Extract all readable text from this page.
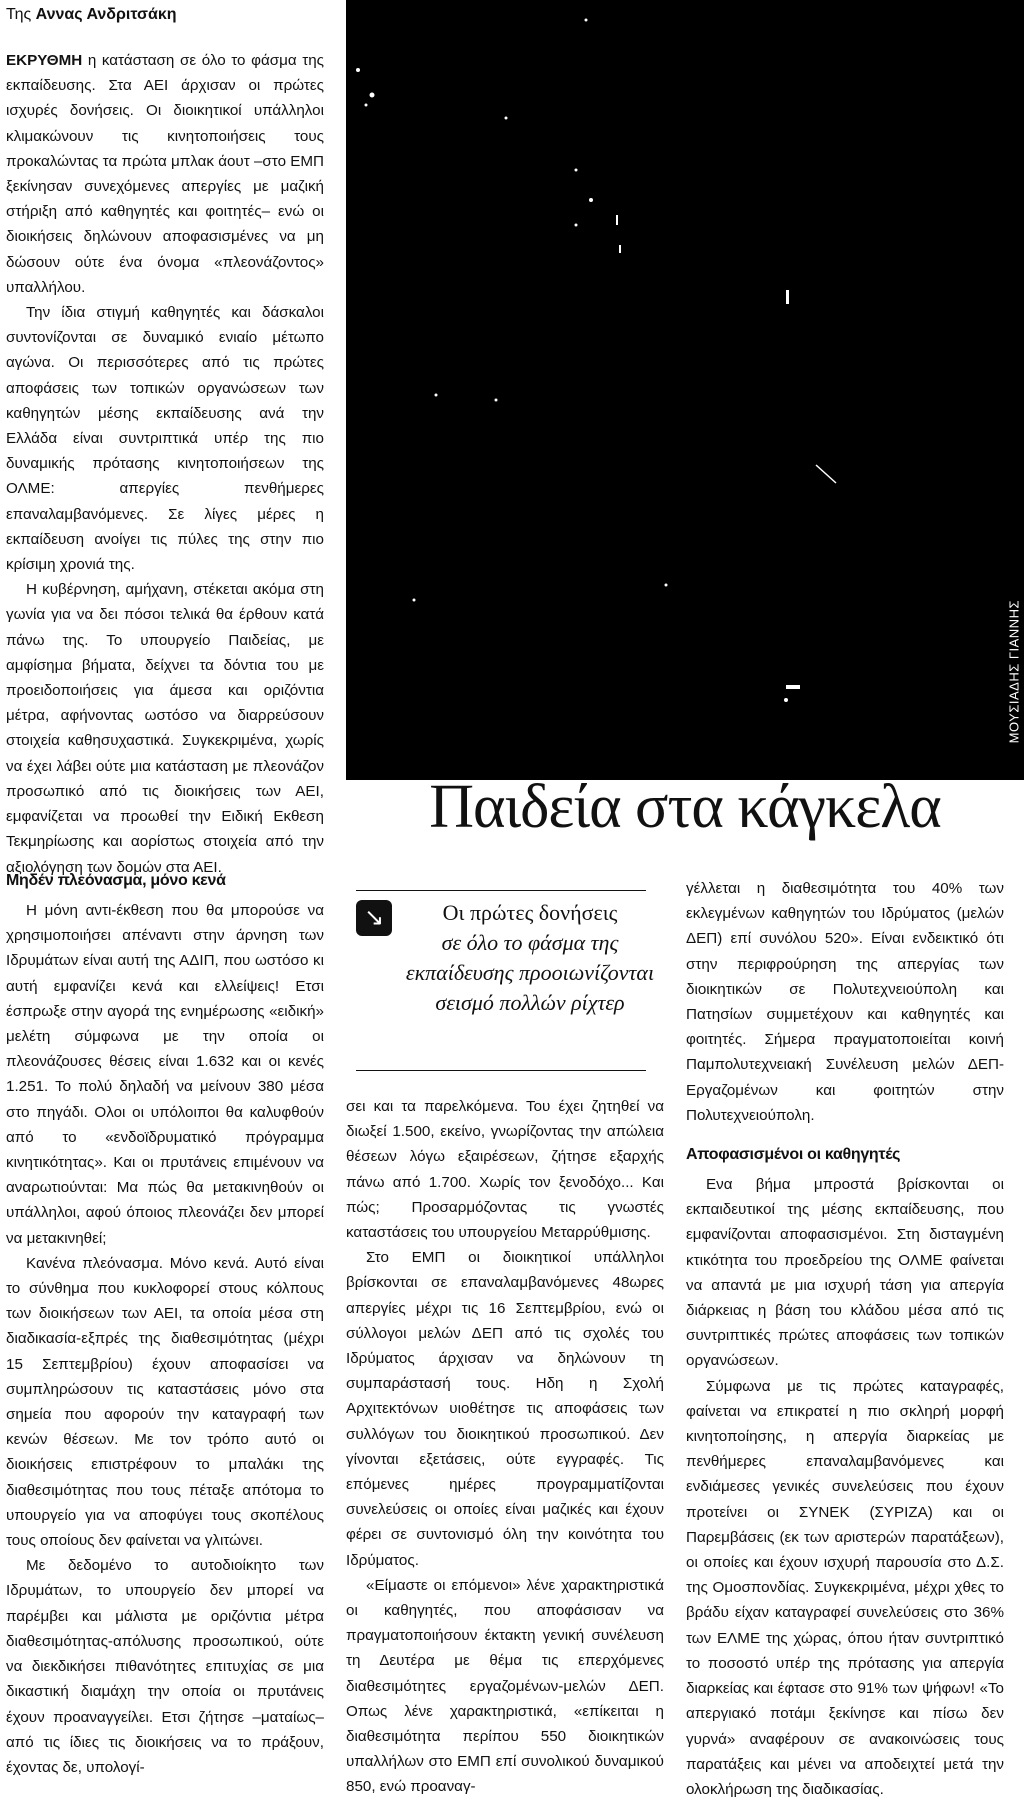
Της Αννας Ανδριτσάκη

ΕΚΡΥΘΜΗ η κατάσταση σε όλο το φάσμα της εκπαίδευσης. Στα ΑΕΙ άρχισαν οι πρώτες ισχυρές δονήσεις. Οι διοικητικοί υπάλληλοι κλιμακώνουν τις κινητοποιήσεις τους προκαλώντας τα πρώτα μπλακ άουτ –στο ΕΜΠ ξεκίνησαν συνεχόμενες απεργίες με μαζική στήριξη από καθηγητές και φοιτητές– ενώ οι διοικήσεις δηλώνουν αποφασισμένες να μη δώσουν ούτε ένα όνομα «πλεονάζοντος» υπαλλήλου.

Την ίδια στιγμή καθηγητές και δάσκαλοι συντονίζονται σε δυναμικό ενιαίο μέτωπο αγώνα. Οι περισσότερες από τις πρώτες αποφάσεις των τοπικών οργανώσεων των καθηγητών μέσης εκπαίδευσης ανά την Ελλάδα είναι συντριπτικά υπέρ της πιο δυναμικής πρότασης κινητοποιήσεων της ΟΛΜΕ: απεργίες πενθήμερες επαναλαμβανόμενες. Σε λίγες μέρες η εκπαίδευση ανοίγει τις πύλες της στην πιο κρίσιμη χρονιά της.

Η κυβέρνηση, αμήχανη, στέκεται ακόμα στη γωνία για να δει πόσοι τελικά θα έρθουν κατά πάνω της. Το υπουργείο Παιδείας, με αμφίσημα βήματα, δείχνει τα δόντια του με προειδοποιήσεις για άμεσα και οριζόντια μέτρα, αφήνοντας ωστόσο να διαρρεύσουν στοιχεία καθησυχαστικά. Συγκεκριμένα, χωρίς να έχει λάβει ούτε μια κατάσταση με πλεονάζον προσωπικό από τις διοικήσεις των ΑΕΙ, εμφανίζεται να προωθεί την Ειδική Εκθεση Τεκμηρίωσης και αορίστως στοιχεία από την αξιολόγηση των δομών στα ΑΕΙ.

Μηδέν πλεόνασμα, μόνο κενά

Η μόνη αντι-έκθεση που θα μπορούσε να χρησιμοποιήσει απέναντι στην άρνηση των Ιδρυμάτων είναι αυτή της ΑΔΙΠ, που ωστόσο κι αυτή εμφανίζει κενά και ελλείψεις! Ετσι έσπρωξε στην αγορά της ενημέρωσης «ειδική» μελέτη σύμφωνα με την οποία οι πλεονάζουσες θέσεις είναι 1.632 και οι κενές 1.251. Το πολύ δηλαδή να μείνουν 380 μέσα στο πηγάδι. Ολοι οι υπόλοιποι θα καλυφθούν από το «ενδοϊδρυματικό πρόγραμμα κινητικότητας». Και οι πρυτάνεις επιμένουν να αναρωτιούνται: Μα πώς θα μετακινηθούν οι υπάλληλοι, αφού όποιος πλεονάζει δεν μπορεί να μετακινηθεί;

Κανένα πλεόνασμα. Μόνο κενά. Αυτό είναι το σύνθημα που κυκλοφορεί στους κόλπους των διοικήσεων των ΑΕΙ, τα οποία μέσα στη διαδικασία-εξπρές της διαθεσιμότητας (μέχρι 15 Σεπτεμβρίου) έχουν αποφασίσει να συμπληρώσουν τις καταστάσεις μόνο στα σημεία που αφορούν την καταγραφή των κενών θέσεων. Με τον τρόπο αυτό οι διοικήσεις επιστρέφουν το μπαλάκι της διαθεσιμότητας που τους πέταξε απότομα το υπουργείο για να αποφύγει τους σκοπέλους τους οποίους δεν φαίνεται να γλιτώνει.

Με δεδομένο το αυτοδιοίκητο των Ιδρυμάτων, το υπουργείο δεν μπορεί να παρέμβει και μάλιστα με οριζόντια μέτρα διαθεσιμότητας-απόλυσης προσωπικού, ούτε να διεκδικήσει πιθανότητες επιτυχίας σε μια δικαστική διαμάχη την οποία οι πρυτάνεις έχουν προαναγγείλει. Ετσι ζήτησε –ματαίως– από τις ίδιες τις διοικήσεις να το πράξουν, έχοντας δε, υπολογί-

ΜΟΥΣΙΑΔΗΣ ΓΙΑΝΝΗΣ
Παιδεία στα κάγκελα
↘	Οι πρώτες δονήσεις
σε όλο το φάσμα της εκπαίδευσης προοιωνίζονται σεισμό πολλών ρίχτερ

σει και τα παρελκόμενα. Του έχει ζητηθεί να διωξεί 1.500, εκείνο, γνωρίζοντας την απώλεια θέσεων λόγω εξαιρέσεων, ζήτησε εξαρχής πάνω από 1.700. Χωρίς τον ξενοδόχο... Και πώς; Προσαρμόζοντας τις γνωστές καταστάσεις του υπουργείου Μεταρρύθμισης.

Στο ΕΜΠ οι διοικητικοί υπάλληλοι βρίσκονται σε επαναλαμβανόμενες 48ωρες απεργίες μέχρι τις 16 Σεπτεμβρίου, ενώ οι σύλλογοι μελών ΔΕΠ από τις σχολές του Ιδρύματος άρχισαν να δηλώνουν τη συμπαράστασή τους. Ηδη η Σχολή Αρχιτεκτόνων υιοθέτησε τις αποφάσεις των συλλόγων του διοικητικού προσωπικού. Δεν γίνονται εξετάσεις, ούτε εγγραφές. Τις επόμενες ημέρες προγραμματίζονται συνελεύσεις οι οποίες είναι μαζικές και έχουν φέρει σε συντονισμό όλη την κοινότητα του Ιδρύματος.

«Είμαστε οι επόμενοι» λένε χαρακτηριστικά οι καθηγητές, που αποφάσισαν να πραγματοποιήσουν έκτακτη γενική συνέλευση τη Δευτέρα με θέμα τις επερχόμενες διαθεσιμότητες εργαζομένων-μελών ΔΕΠ. Οπως λένε χαρακτηριστικά, «επίκειται η διαθεσιμότητα περίπου 550 διοικητικών υπαλλήλων στο ΕΜΠ επί συνολικού δυναμικού 850, ενώ προαναγ-

γέλλεται η διαθεσιμότητα του 40% των εκλεγμένων καθηγητών του Ιδρύματος (μελών ΔΕΠ) επί συνόλου 520». Είναι ενδεικτικό ότι στην περιφρούρηση της απεργίας των διοικητικών σε Πολυτεχνειούπολη και Πατησίων συμμετέχουν και καθηγητές και φοιτητές. Σήμερα πραγματοποιείται κοινή Παμπολυτεχνειακή Συνέλευση μελών ΔΕΠ-Εργαζομένων και φοιτητών στην Πολυτεχνειούπολη.

Αποφασισμένοι οι καθηγητές

Ενα βήμα μπροστά βρίσκονται οι εκπαιδευτικοί της μέσης εκπαίδευσης, που εμφανίζονται αποφασισμένοι. Στη δισταγμένη κτικότητα του προεδρείου της ΟΛΜΕ φαίνεται να απαντά με μια ισχυρή τάση για απεργία διάρκειας η βάση του κλάδου μέσα από τις συντριπτικές πρώτες αποφάσεις των τοπικών οργανώσεων.

Σύμφωνα με τις πρώτες καταγραφές, φαίνεται να επικρατεί η πιο σκληρή μορφή κινητοποίησης, η απεργία διαρκείας με πενθήμερες επαναλαμβανόμενες και ενδιάμεσες γενικές συνελεύσεις που έχουν προτείνει οι ΣΥΝΕΚ (ΣΥΡΙΖΑ) και οι Παρεμβάσεις (εκ των αριστερών παρατάξεων), οι οποίες και έχουν ισχυρή παρουσία στο Δ.Σ. της Ομοσπονδίας. Συγκεκριμένα, μέχρι χθες το βράδυ είχαν καταγραφεί συνελεύσεις στο 36% των ΕΛΜΕ της χώρας, όπου ήταν συντριπτικό το ποσοστό υπέρ της πρότασης για απεργία διαρκείας και έφτασε στο 91% των ψήφων! «Το απεργιακό ποτάμι ξεκίνησε και πίσω δεν γυρνά» αναφέρουν σε ανακοινώσεις τους παρατάξεις και μένει να αποδειχτεί μετά την ολοκλήρωση της διαδικασίας.
